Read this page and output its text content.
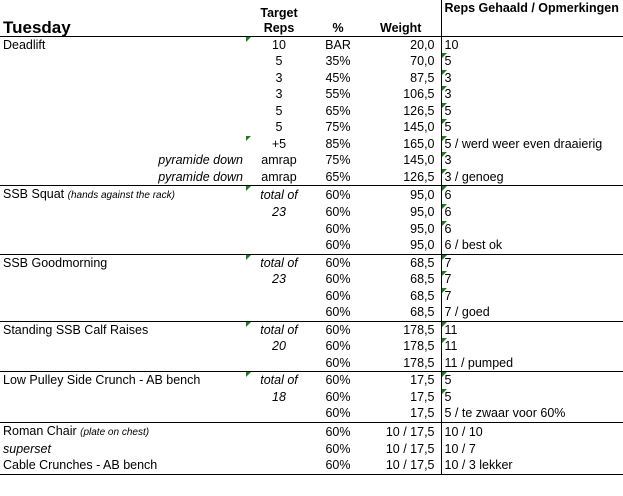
Tuesday	Target Reps	%	Weight	Reps Gehaald / Opmerkingen
Deadlift	10	BAR	20,0	10
	5	35%	70,0	5
	3	45%	87,5	3
	3	55%	106,5	3
	5	65%	126,5	5
	5	75%	145,0	5
	+5	85%	165,0	5 / werd weer even draaierig
pyramide down	amrap	75%	145,0	3
pyramide down	amrap	65%	126,5	3 / genoeg
SSB Squat (hands against the rack)	total of	60%	95,0	6
	23	60%	95,0	6
		60%	95,0	6
		60%	95,0	6 / best ok
SSB Goodmorning	total of	60%	68,5	7
	23	60%	68,5	7
		60%	68,5	7
		60%	68,5	7 / goed
Standing SSB Calf Raises	total of	60%	178,5	11
	20	60%	178,5	11
		60%	178,5	11 / pumped
Low Pulley Side Crunch - AB bench	total of	60%	17,5	5
	18	60%	17,5	5
		60%	17,5	5 / te zwaar voor 60%
Roman Chair (plate on chest)		60%	10 / 17,5	10 / 10
superset		60%	10 / 17,5	10 / 7
Cable Crunches - AB bench		60%	10 / 17,5	10 / 3 lekker
